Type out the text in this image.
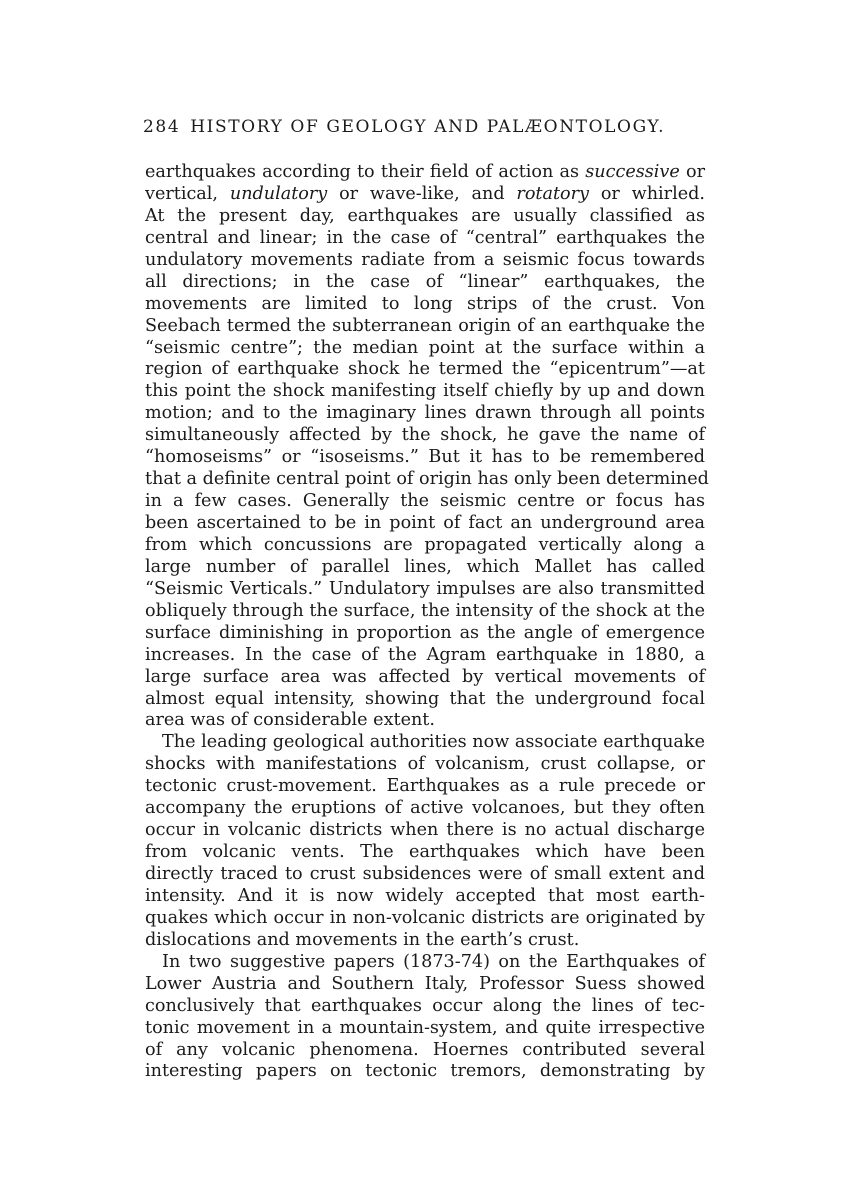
284 HISTORY OF GEOLOGY AND PALÆONTOLOGY.
earthquakes according to their field of action as successive or
vertical, undulatory or wave-like, and rotatory or whirled.
At the present day, earthquakes are usually classified as
central and linear; in the case of “central” earthquakes the
undulatory movements radiate from a seismic focus towards
all directions; in the case of “linear” earthquakes, the
movements are limited to long strips of the crust. Von
Seebach termed the subterranean origin of an earthquake the
“seismic centre”; the median point at the surface within a
region of earthquake shock he termed the “epicentrum”—at
this point the shock manifesting itself chiefly by up and down
motion; and to the imaginary lines drawn through all points
simultaneously affected by the shock, he gave the name of
“homoseisms” or “isoseisms.” But it has to be remembered
that a definite central point of origin has only been determined
in a few cases. Generally the seismic centre or focus has
been ascertained to be in point of fact an underground area
from which concussions are propagated vertically along a
large number of parallel lines, which Mallet has called
“Seismic Verticals.” Undulatory impulses are also transmitted
obliquely through the surface, the intensity of the shock at the
surface diminishing in proportion as the angle of emergence
increases. In the case of the Agram earthquake in 1880, a
large surface area was affected by vertical movements of
almost equal intensity, showing that the underground focal
area was of considerable extent.
The leading geological authorities now associate earthquake
shocks with manifestations of volcanism, crust collapse, or
tectonic crust-movement. Earthquakes as a rule precede or
accompany the eruptions of active volcanoes, but they often
occur in volcanic districts when there is no actual discharge
from volcanic vents. The earthquakes which have been
directly traced to crust subsidences were of small extent and
intensity. And it is now widely accepted that most earth-
quakes which occur in non-volcanic districts are originated by
dislocations and movements in the earth’s crust.
In two suggestive papers (1873-74) on the Earthquakes of
Lower Austria and Southern Italy, Professor Suess showed
conclusively that earthquakes occur along the lines of tec-
tonic movement in a mountain-system, and quite irrespective
of any volcanic phenomena. Hoernes contributed several
interesting papers on tectonic tremors, demonstrating by
